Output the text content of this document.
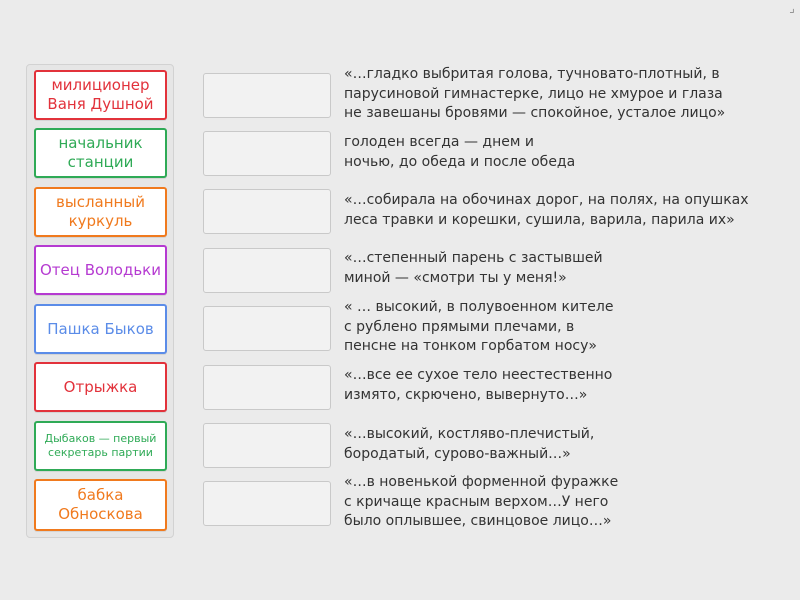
⌟
милиционер Ваня Душной
начальник станции
высланный куркуль
Отец Володьки
Пашка Быков
Отрыжка
Дыбаков — первый секретарь партии
бабка Обноскова
«…гладко выбритая голова, тучновато-плотный, в
парусиновой гимнастерке, лицо не хмурое и глаза
не завешаны бровями — спокойное, усталое лицо»
голоден всегда — днем и
ночью, до обеда и после обеда
«…собирала на обочинах дорог, на полях, на опушках
леса травки и корешки, сушила, варила, парила их»
«…степенный парень с застывшей
миной — «смотри ты у меня!»
« … высокий, в полувоенном кителе
с рублено прямыми плечами, в
пенсне на тонком горбатом носу»
«…все ее сухое тело неестественно
измято, скрючено, вывернуто…»
«…высокий, костляво-плечистый,
бородатый, сурово-важный…»
«…в новенькой форменной фуражке
с кричаще красным верхом…У него
было оплывшее, свинцовое лицо…»
